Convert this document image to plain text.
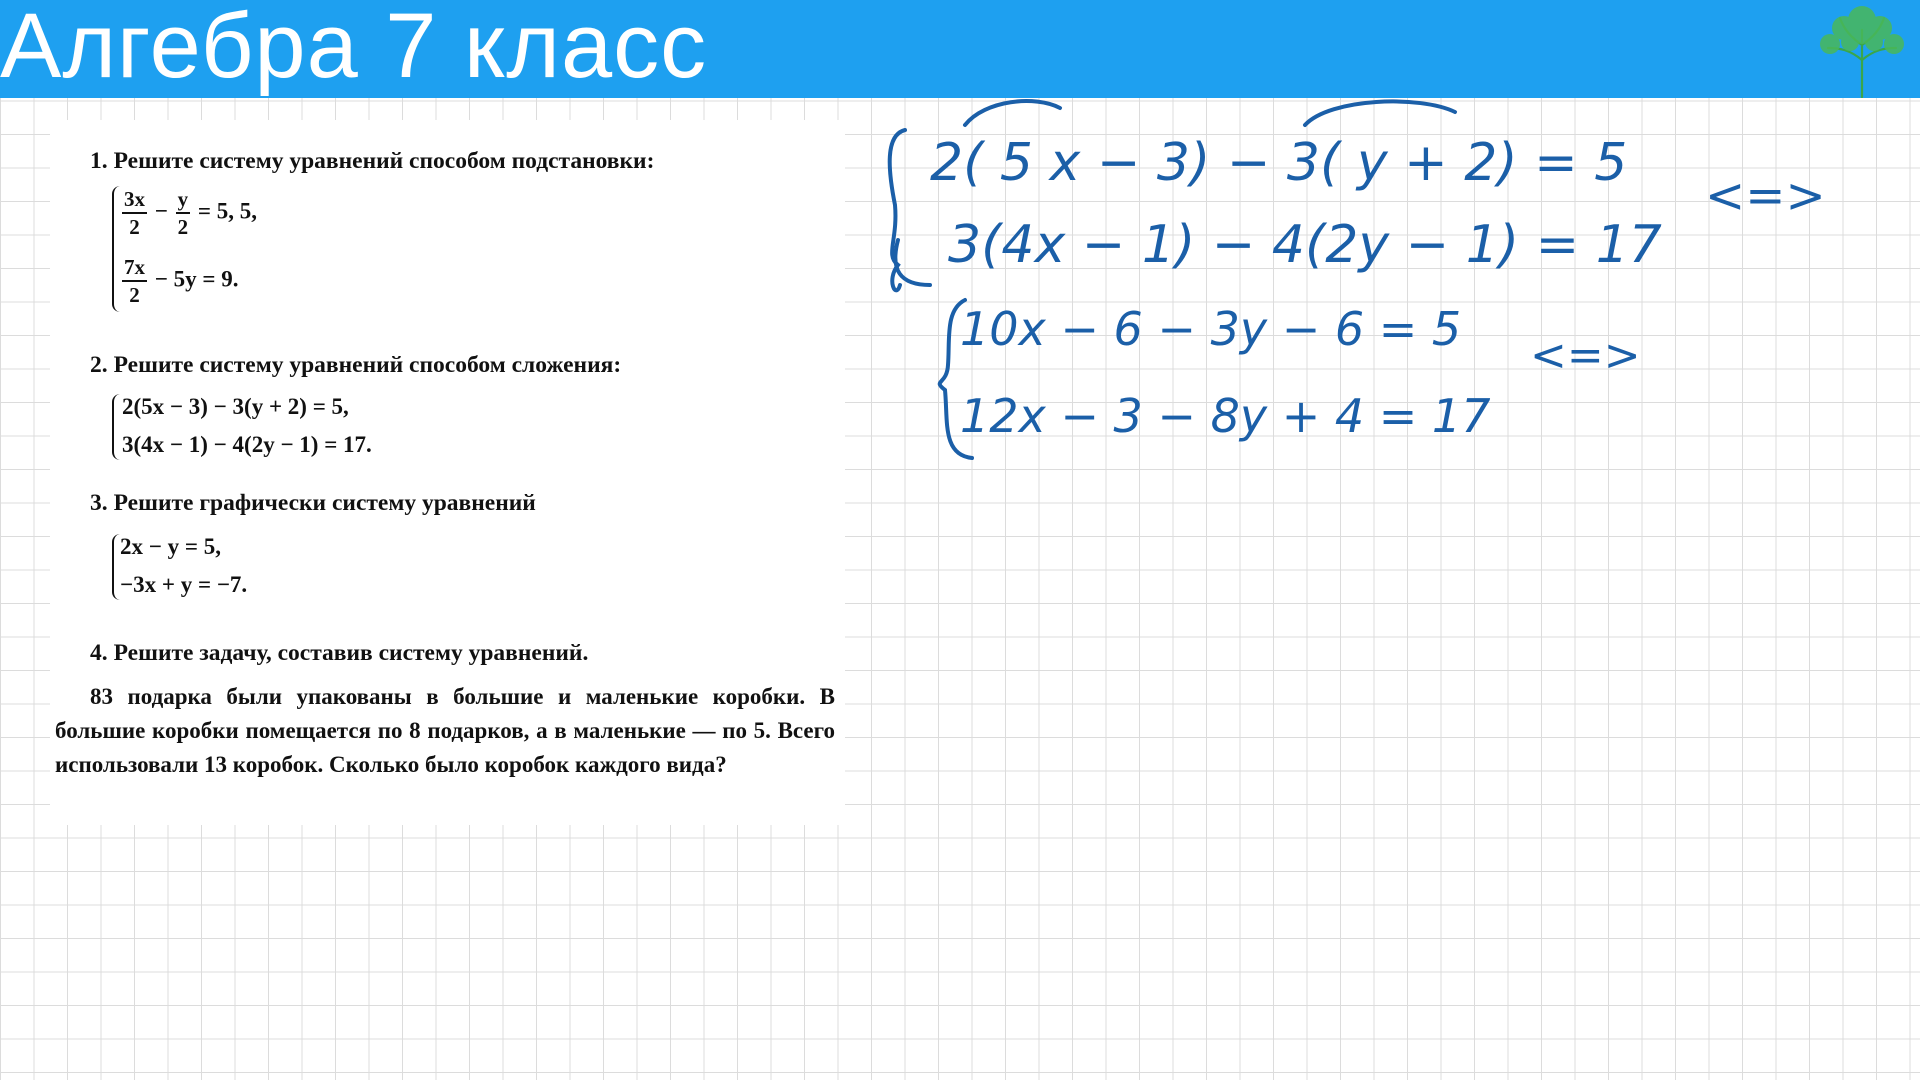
Алгебра 7 класс
1. Решите систему уравнений способом подстановки:
$\frac{3x}{2} - \frac{y}{2} = 5$, 5,
$\frac{7x}{2} - 5y = 9$.
2. Решите систему уравнений способом сложения:
2(5x − 3) − 3(y + 2) = 5,
3(4x − 1) − 4(2y − 1) = 17.
3. Решите графически систему уравнений
2x − y = 5,
−3x + y = −7.
4. Решите задачу, составив систему уравнений.
83 подарка были упакованы в большие и маленькие коробки. В большие коробки помещается по 8 подарков, а в маленькие — по 5. Всего использовали 13 коробок. Сколько было коробок каждого вида?
2( 5 x − 3) − 3( y + 2) = 5
3(4x − 1) − 4(2y − 1) = 17
10x − 6 − 3y − 6 = 5
12x − 3 − 8y + 4 = 17
<=>
<=>
